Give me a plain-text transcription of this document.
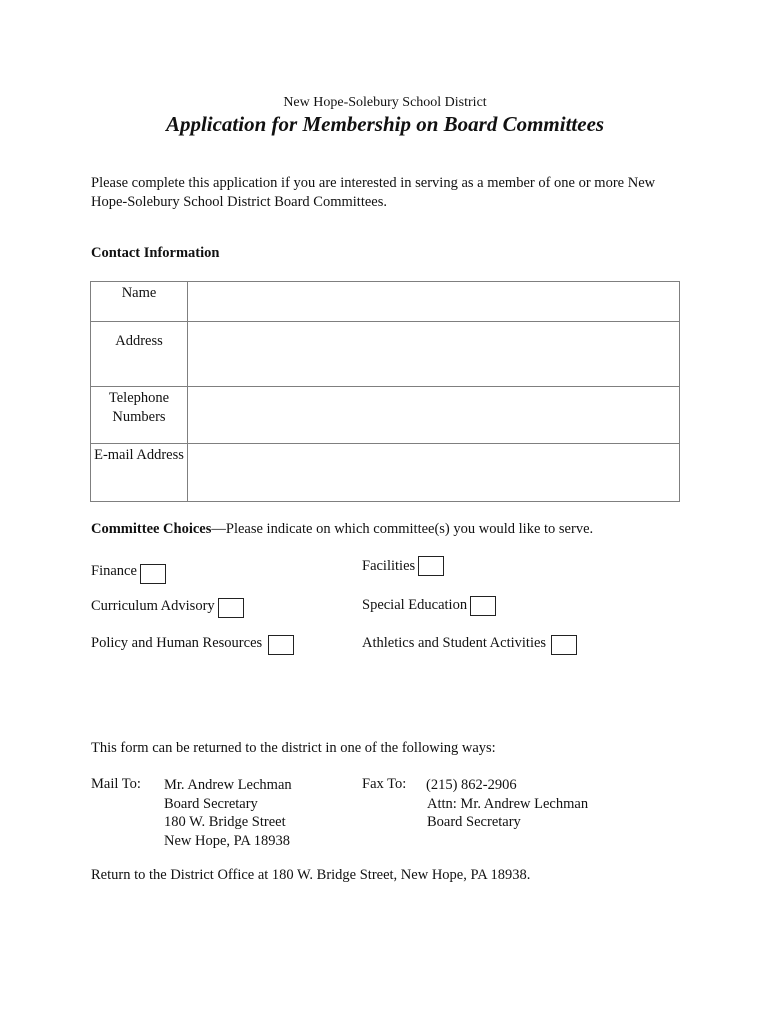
New Hope-Solebury School District
Application for Membership on Board Committees
Please complete this application if you are interested in serving as a member of one or more New Hope-Solebury School District Board Committees.
Contact Information
Name	
Address	
Telephone Numbers	
E-mail Address	
Committee Choices—Please indicate on which committee(s) you would like to serve.
Finance	Facilities
Curriculum Advisory	Special Education
Policy and Human Resources	Athletics and Student Activities
This form can be returned to the district in one of the following ways:
Mail To: Mr. Andrew Lechman
Board Secretary
180 W. Bridge Street
New Hope, PA 18938
Fax To: (215) 862-2906
Attn: Mr. Andrew Lechman
Board Secretary
Return to the District Office at 180 W. Bridge Street, New Hope, PA 18938.
